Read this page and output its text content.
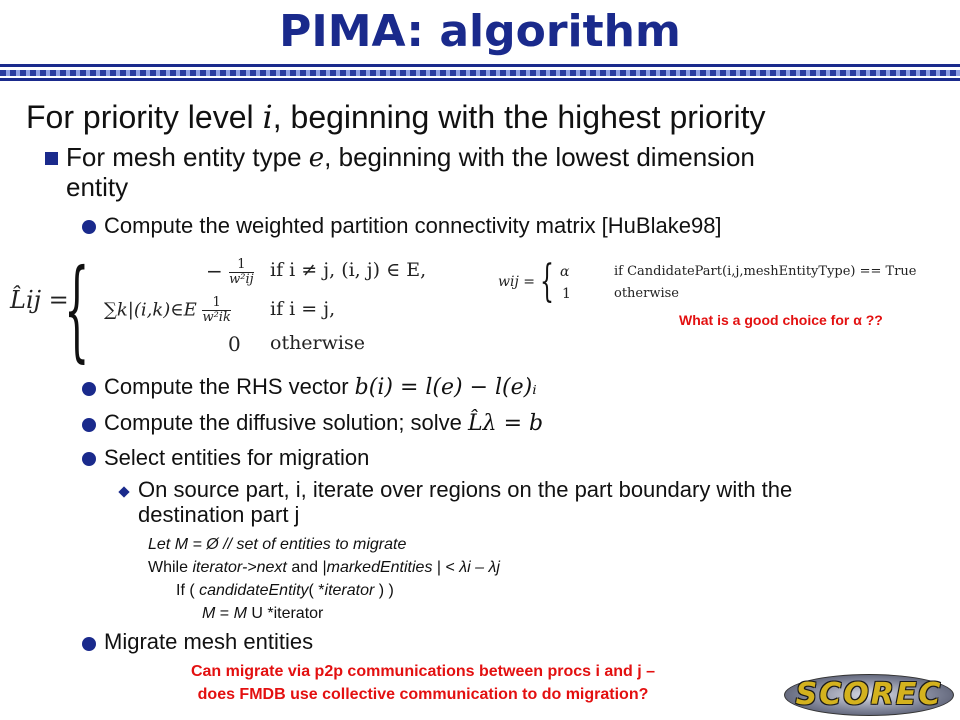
PIMA: algorithm
For priority level i, beginning with the highest priority
For mesh entity type e, beginning with the lowest dimension
entity
Compute the weighted partition connectivity matrix [HuBlake98]
L̂ij =
{	− $\frac{1}{\text{w²ij}}$ if i ≠ j, (i, j) ∈ E,
∑k|(i,k)∈E $\frac{1}{\text{w²ik}}$ if i = j,
0 otherwise
wij = { α	if CandidatePart(i,j,meshEntityType) == True
1	otherwise
What is a good choice for α ??
Compute the RHS vector b(i) = l(e) − l(e)ᵢ
Compute the diffusive solution; solve L̂λ = b
Select entities for migration
On source part, i, iterate over regions on the part boundary with the
destination part j
Let M = Ø // set of entities to migrate
While iterator->next and |markedEntities | < λi – λj
If ( candidateEntity( *iterator ) )
M = M U *iterator
Migrate mesh entities
Can migrate via p2p communications between procs i and j –
does FMDB use collective communication to do migration?	SCOREC
